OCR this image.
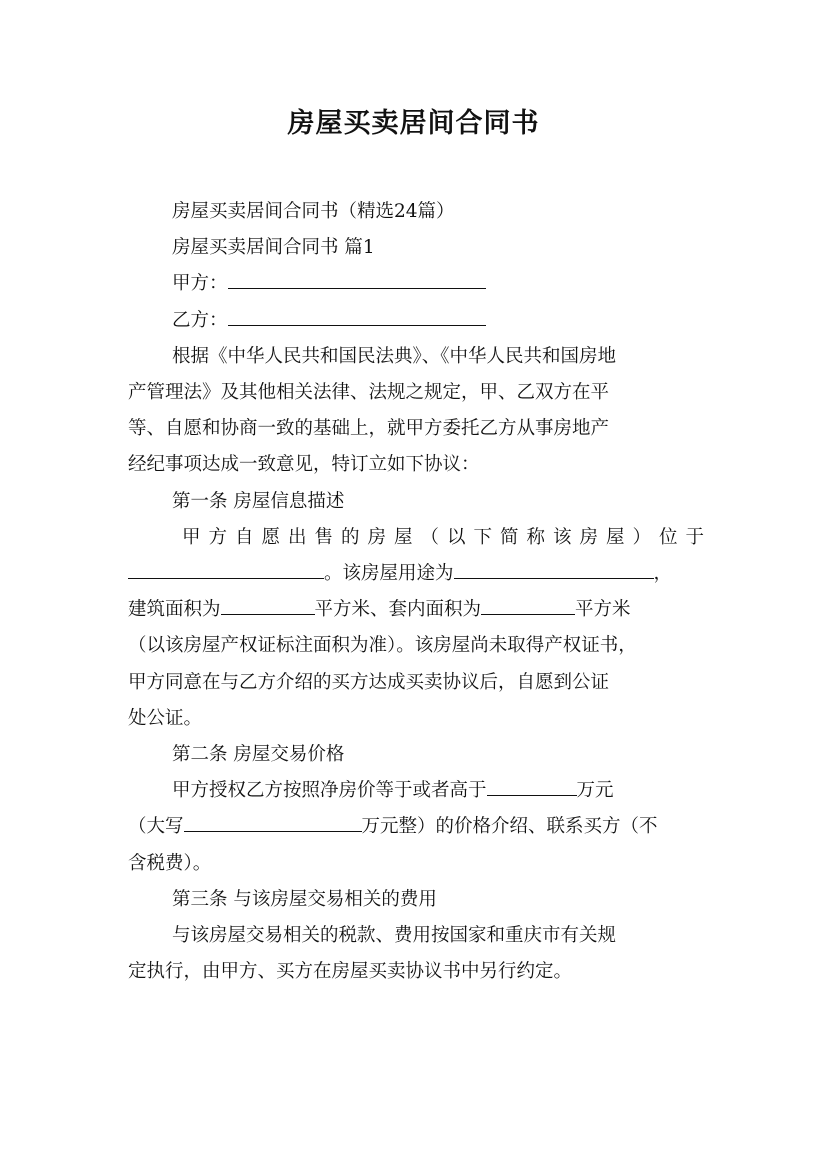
房屋买卖居间合同书
房屋买卖居间合同书（精选24篇）
房屋买卖居间合同书 篇1
甲方：
乙方：
根据《中华人民共和国民法典》、《中华人民共和国房地
产管理法》及其他相关法律、法规之规定，甲、乙双方在平
等、自愿和协商一致的基础上，就甲方委托乙方从事房地产
经纪事项达成一致意见，特订立如下协议：
第一条 房屋信息描述
甲方自愿出售的房屋（以下简称该房屋）位于
。该房屋用途为	，
建筑面积为	平方米、套内面积为	平方米
（以该房屋产权证标注面积为准）。该房屋尚未取得产权证书，
甲方同意在与乙方介绍的买方达成买卖协议后，自愿到公证
处公证。
第二条 房屋交易价格
甲方授权乙方按照净房价等于或者高于	万元
（大写	万元整）的价格介绍、联系买方（不
含税费）。
第三条 与该房屋交易相关的费用
与该房屋交易相关的税款、费用按国家和重庆市有关规
定执行，由甲方、买方在房屋买卖协议书中另行约定。
